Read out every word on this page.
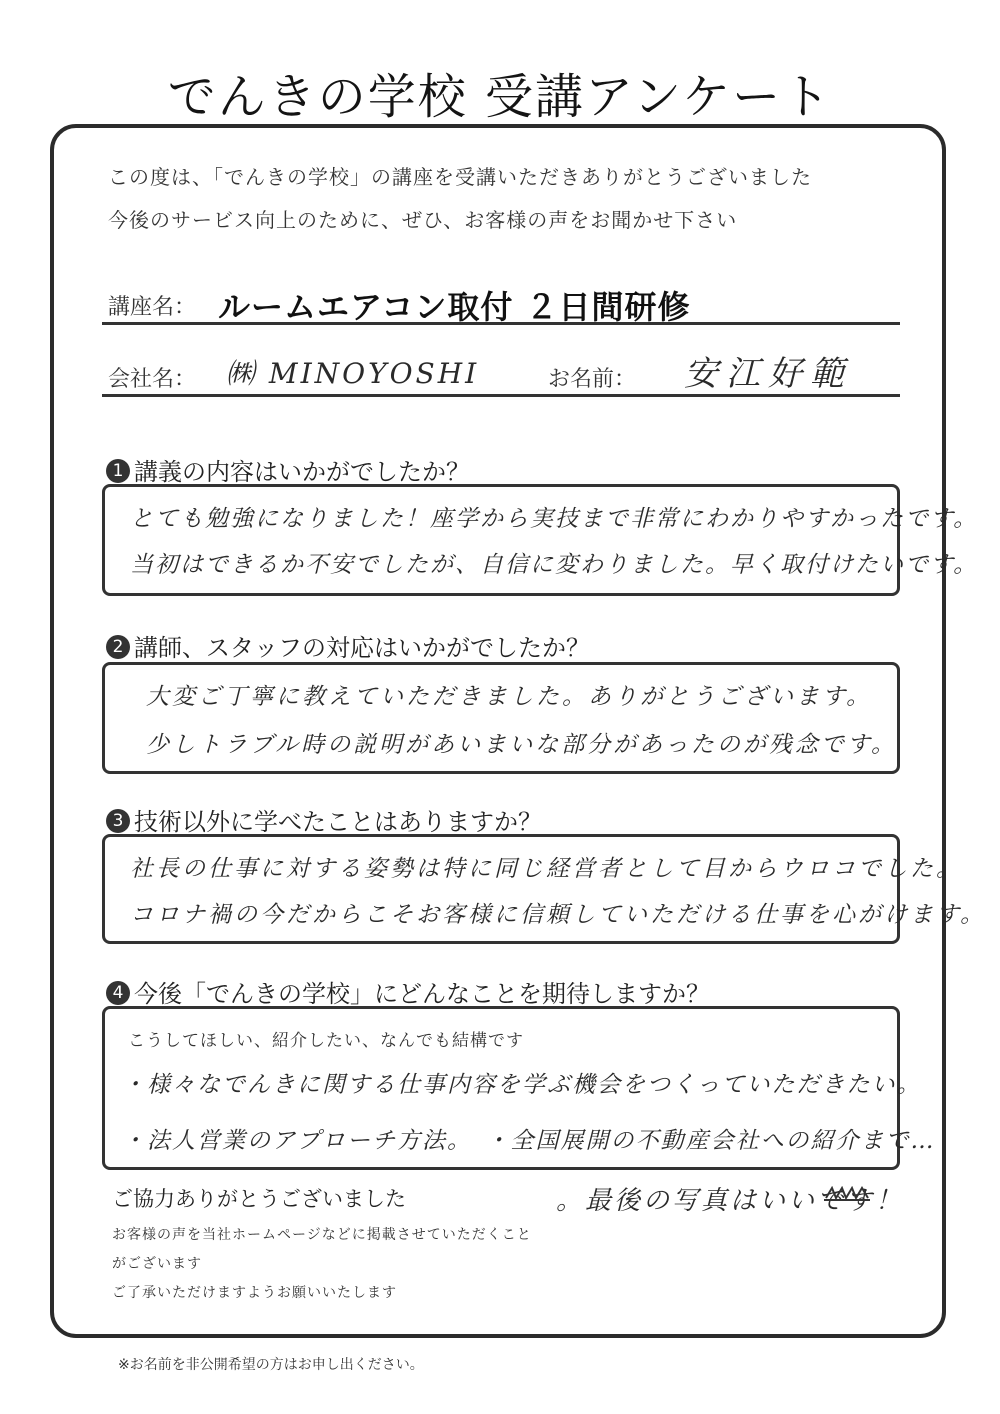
でんきの学校 受講アンケート
この度は、「でんきの学校」の講座を受講いただきありがとうございました
今後のサービス向上のために、ぜひ、お客様の声をお聞かせ下さい
講座名： ルームエアコン取付 ２日間研修
会社名： ㈱ MINOYOSHI	お名前： 安江好範
1 講義の内容はいかがでしたか？
とても勉強になりました！座学から実技まで非常にわかりやすかったです。
当初はできるか不安でしたが、自信に変わりました。早く取付けたいです。
2 講師、スタッフの対応はいかがでしたか？
大変ご丁寧に教えていただきました。ありがとうございます。
少しトラブル時の説明があいまいな部分があったのが残念です。
3 技術以外に学べたことはありますか？
社長の仕事に対する姿勢は特に同じ経営者として目からウロコでした。
コロナ禍の今だからこそお客様に信頼していただける仕事を心がけます。
4 今後「でんきの学校」にどんなことを期待しますか？
こうしてほしい、紹介したい、なんでも結構です
・様々なでんきに関する仕事内容を学ぶ機会をつくっていただきたい。
・法人営業のアプローチ方法。　・全国展開の不動産会社への紹介まで…
ご協力ありがとうございました	。最後の写真はいいです！
お客様の声を当社ホームページなどに掲載させていただくこと
がございます
ご了承いただけますようお願いいたします
※お名前を非公開希望の方はお申し出ください。
